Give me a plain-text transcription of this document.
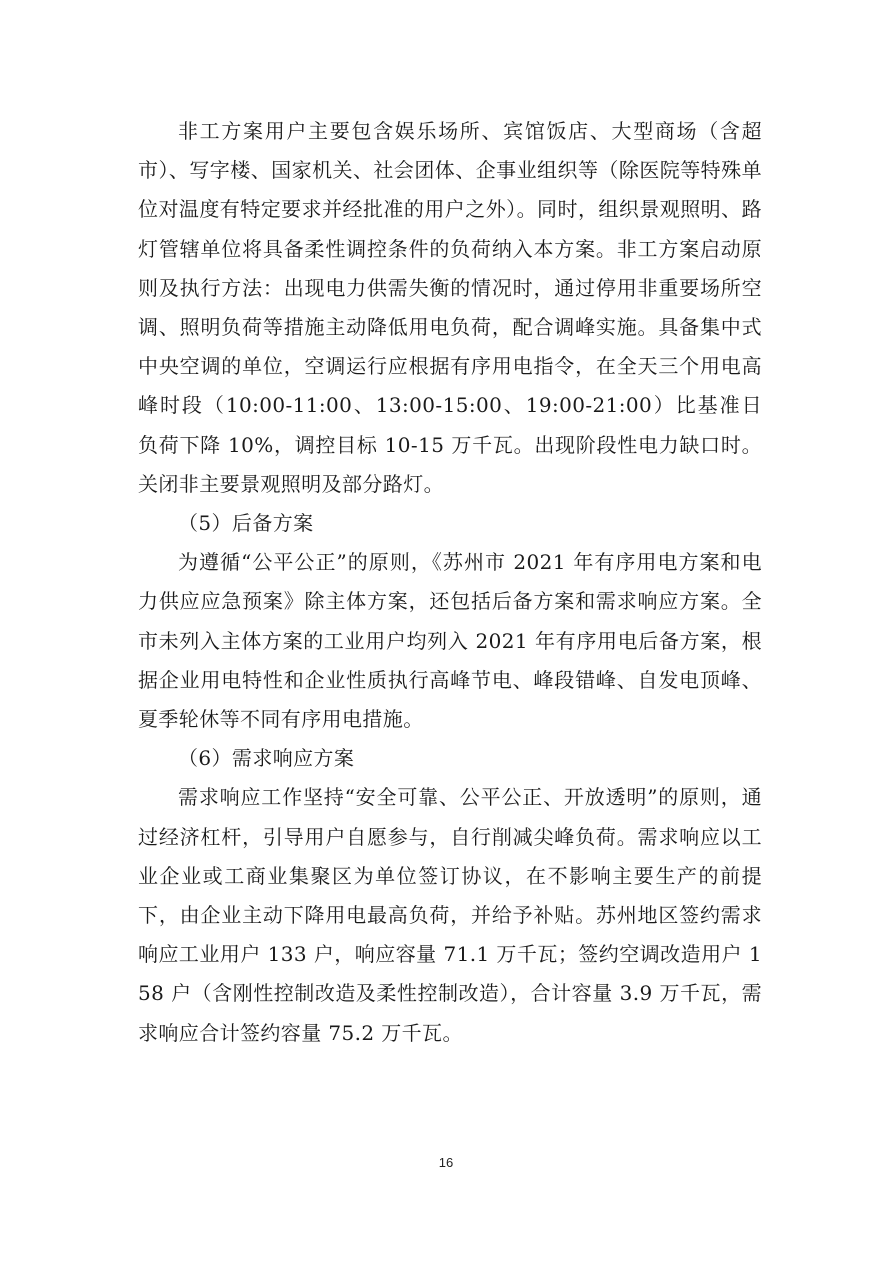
非工方案用户主要包含娱乐场所、宾馆饭店、大型商场（含超市）、写字楼、国家机关、社会团体、企事业组织等（除医院等特殊单位对温度有特定要求并经批准的用户之外）。同时，组织景观照明、路灯管辖单位将具备柔性调控条件的负荷纳入本方案。非工方案启动原则及执行方法：出现电力供需失衡的情况时，通过停用非重要场所空调、照明负荷等措施主动降低用电负荷，配合调峰实施。具备集中式中央空调的单位，空调运行应根据有序用电指令，在全天三个用电高峰时段（10:00-11:00、13:00-15:00、19:00-21:00）比基准日负荷下降 10%，调控目标 10-15 万千瓦。出现阶段性电力缺口时。关闭非主要景观照明及部分路灯。

（5）后备方案

为遵循“公平公正”的原则，《苏州市 2021 年有序用电方案和电力供应应急预案》除主体方案，还包括后备方案和需求响应方案。全市未列入主体方案的工业用户均列入 2021 年有序用电后备方案，根据企业用电特性和企业性质执行高峰节电、峰段错峰、自发电顶峰、夏季轮休等不同有序用电措施。

（6）需求响应方案

需求响应工作坚持“安全可靠、公平公正、开放透明”的原则，通过经济杠杆，引导用户自愿参与，自行削减尖峰负荷。需求响应以工业企业或工商业集聚区为单位签订协议，在不影响主要生产的前提下，由企业主动下降用电最高负荷，并给予补贴。苏州地区签约需求响应工业用户 133 户，响应容量 71.1 万千瓦；签约空调改造用户 158 户（含刚性控制改造及柔性控制改造），合计容量 3.9 万千瓦，需求响应合计签约容量 75.2 万千瓦。

16
